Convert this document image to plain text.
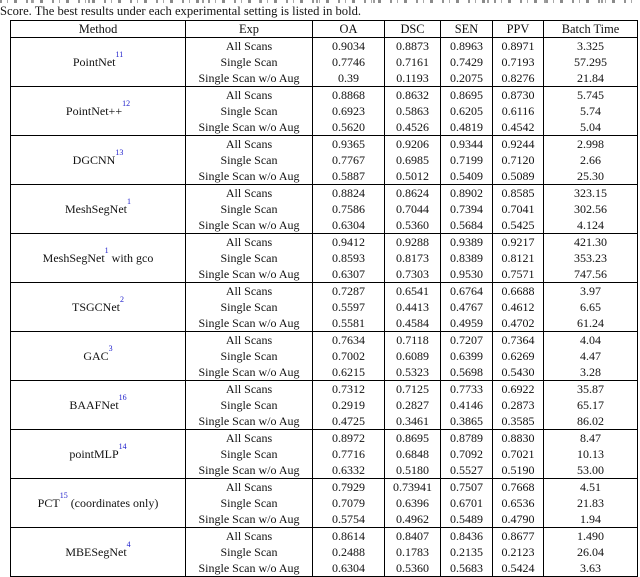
Score. The best results under each experimental setting is listed in bold.

Method	Exp	OA	DSC	SEN	PPV	Batch Time
PointNet$^{11}$	All Scans	0.9034	0.8873	0.8963	0.8971	3.325
	Single Scan	0.7746	0.7161	0.7429	0.7193	57.295
	Single Scan w/o Aug	0.39	0.1193	0.2075	0.8276	21.84
PointNet++$^{12}$	All Scans	0.8868	0.8632	0.8695	0.8730	5.745
	Single Scan	0.6923	0.5863	0.6205	0.6116	5.74
	Single Scan w/o Aug	0.5620	0.4526	0.4819	0.4542	5.04
DGCNN$^{13}$	All Scans	0.9365	0.9206	0.9344	0.9244	2.998
	Single Scan	0.7767	0.6985	0.7199	0.7120	2.66
	Single Scan w/o Aug	0.5887	0.5012	0.5409	0.5089	25.30
MeshSegNet$^1$	All Scans	0.8824	0.8624	0.8902	0.8585	323.15
	Single Scan	0.7586	0.7044	0.7394	0.7041	302.56
	Single Scan w/o Aug	0.6304	0.5360	0.5684	0.5425	4.124
MeshSegNet$^1$ with gco	All Scans	0.9412	0.9288	0.9389	0.9217	421.30
	Single Scan	0.8593	0.8173	0.8389	0.8121	353.23
	Single Scan w/o Aug	0.6307	0.7303	0.9530	0.7571	747.56
TSGCNet$^2$	All Scans	0.7287	0.6541	0.6764	0.6688	3.97
	Single Scan	0.5597	0.4413	0.4767	0.4612	6.65
	Single Scan w/o Aug	0.5581	0.4584	0.4959	0.4702	61.24
GAC$^3$	All Scans	0.7634	0.7118	0.7207	0.7364	4.04
	Single Scan	0.7002	0.6089	0.6399	0.6269	4.47
	Single Scan w/o Aug	0.6215	0.5323	0.5698	0.5430	3.28
BAAFNet$^{16}$	All Scans	0.7312	0.7125	0.7733	0.6922	35.87
	Single Scan	0.2919	0.2827	0.4146	0.2873	65.17
	Single Scan w/o Aug	0.4725	0.3461	0.3865	0.3585	86.02
pointMLP$^{14}$	All Scans	0.8972	0.8695	0.8789	0.8830	8.47
	Single Scan	0.7716	0.6848	0.7092	0.7021	10.13
	Single Scan w/o Aug	0.6332	0.5180	0.5527	0.5190	53.00
PCT$^{15}$ (coordinates only)	All Scans	0.7929	0.73941	0.7507	0.7668	4.51
	Single Scan	0.7079	0.6396	0.6701	0.6536	21.83
	Single Scan w/o Aug	0.5754	0.4962	0.5489	0.4790	1.94
MBESegNet$^4$	All Scans	0.8614	0.8407	0.8436	0.8677	1.490
	Single Scan	0.2488	0.1783	0.2135	0.2123	26.04
	Single Scan w/o Aug	0.6304	0.5360	0.5683	0.5424	3.63
